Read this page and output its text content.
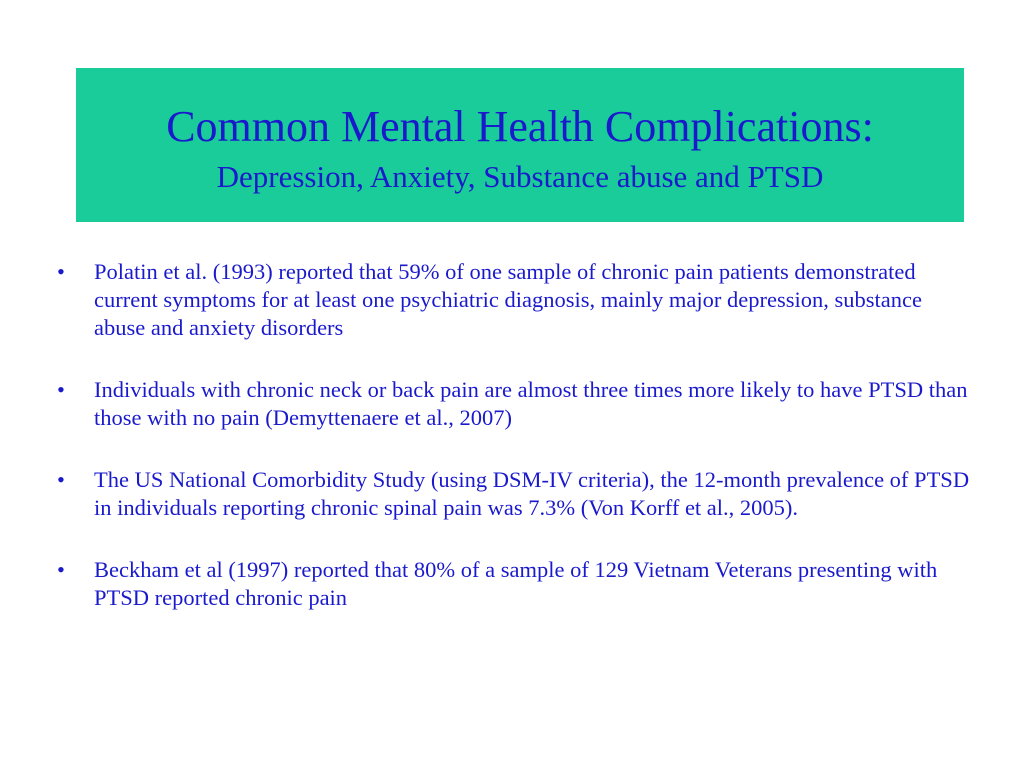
Common Mental Health Complications:
Depression, Anxiety, Substance abuse and PTSD
•	Polatin et al. (1993) reported that 59% of one sample of chronic pain patients demonstrated current symptoms for at least one psychiatric diagnosis, mainly major depression, substance abuse and anxiety disorders
•	Individuals with chronic neck or back pain are almost three times more likely to have PTSD than those with no pain (Demyttenaere et al., 2007)
•	The US National Comorbidity Study (using DSM-IV criteria), the 12-month prevalence of PTSD in individuals reporting chronic spinal pain was 7.3% (Von Korff et al., 2005).
•	Beckham et al (1997) reported that 80% of a sample of 129 Vietnam Veterans presenting with PTSD reported chronic pain
